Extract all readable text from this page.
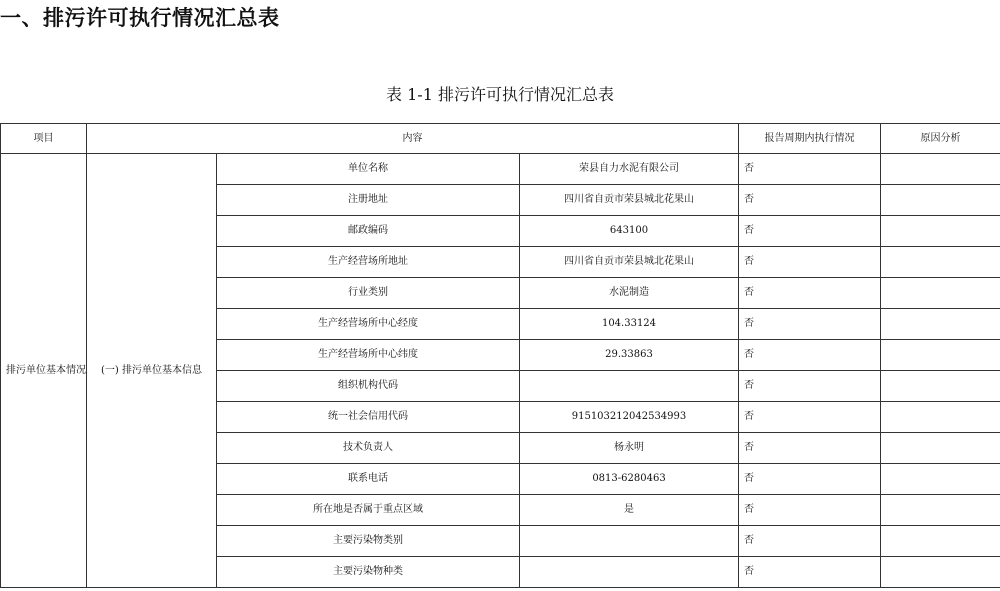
一、排污许可执行情况汇总表
表 1-1 排污许可执行情况汇总表
项目	内容			报告周期内执行情况	原因分析
排污单位基本情况	(一) 排污单位基本信息	单位名称	荣县自力水泥有限公司	否	
		注册地址	四川省自贡市荣县城北花果山	否	
		邮政编码	643100	否	
		生产经营场所地址	四川省自贡市荣县城北花果山	否	
		行业类别	水泥制造	否	
		生产经营场所中心经度	104.33124	否	
		生产经营场所中心纬度	29.33863	否	
		组织机构代码		否	
		统一社会信用代码	915103212042534993	否	
		技术负责人	杨永明	否	
		联系电话	0813-6280463	否	
		所在地是否属于重点区域	是	否	
		主要污染物类别		否	
		主要污染物种类		否	
